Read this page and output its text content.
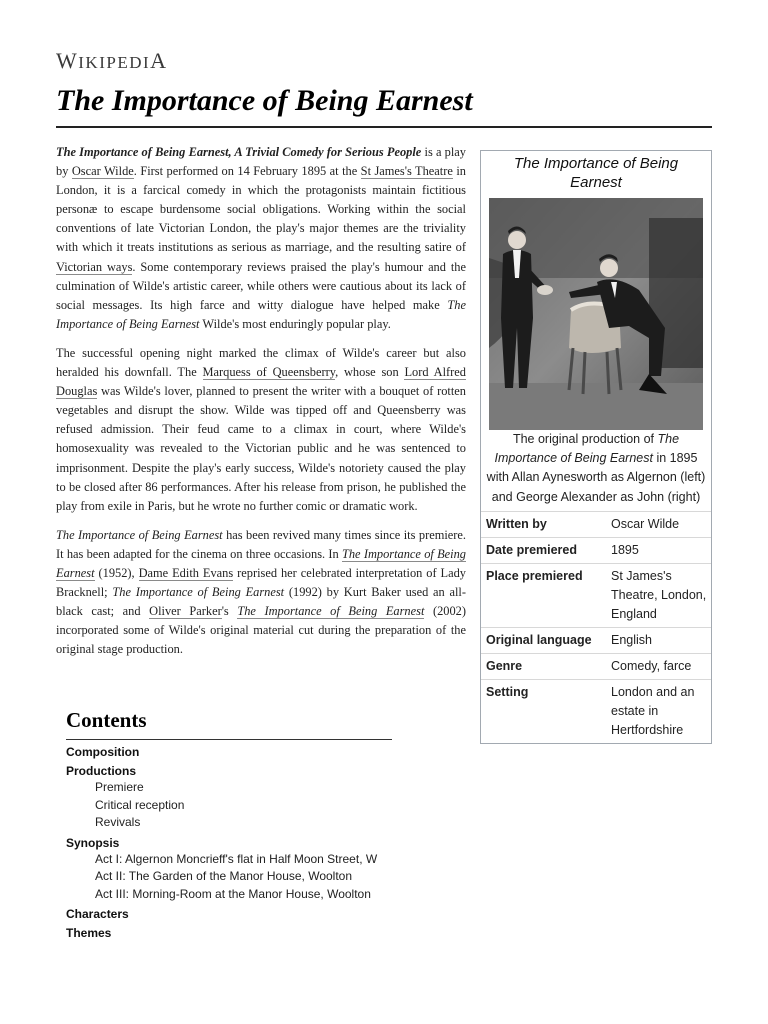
WIKIPEDIA
The Importance of Being Earnest

The Importance of Being Earnest, A Trivial Comedy for Serious People is a play by Oscar Wilde. First performed on 14 February 1895 at the St James's Theatre in London, it is a farcical comedy in which the protagonists maintain fictitious personæ to escape burdensome social obligations. Working within the social conventions of late Victorian London, the play's major themes are the triviality with which it treats institutions as serious as marriage, and the resulting satire of Victorian ways. Some contemporary reviews praised the play's humour and the culmination of Wilde's artistic career, while others were cautious about its lack of social messages. Its high farce and witty dialogue have helped make The Importance of Being Earnest Wilde's most enduringly popular play.

The successful opening night marked the climax of Wilde's career but also heralded his downfall. The Marquess of Queensberry, whose son Lord Alfred Douglas was Wilde's lover, planned to present the writer with a bouquet of rotten vegetables and disrupt the show. Wilde was tipped off and Queensberry was refused admission. Their feud came to a climax in court, where Wilde's homosexuality was revealed to the Victorian public and he was sentenced to imprisonment. Despite the play's early success, Wilde's notoriety caused the play to be closed after 86 performances. After his release from prison, he published the play from exile in Paris, but he wrote no further comic or dramatic work.

The Importance of Being Earnest has been revived many times since its premiere. It has been adapted for the cinema on three occasions. In The Importance of Being Earnest (1952), Dame Edith Evans reprised her celebrated interpretation of Lady Bracknell; The Importance of Being Earnest (1992) by Kurt Baker used an all-black cast; and Oliver Parker's The Importance of Being Earnest (2002) incorporated some of Wilde's original material cut during the preparation of the original stage production.

The Importance of Being Earnest
The original production of The Importance of Being Earnest in 1895 with Allan Aynesworth as Algernon (left) and George Alexander as John (right)
Written by	Oscar Wilde
Date premiered	1895
Place premiered	St James's Theatre, London, England
Original language	English
Genre	Comedy, farce
Setting	London and an estate in Hertfordshire
Contents
Composition
Productions
Premiere
Critical reception
Revivals
Synopsis
Act I: Algernon Moncrieff's flat in Half Moon Street, W
Act II: The Garden of the Manor House, Woolton
Act III: Morning-Room at the Manor House, Woolton
Characters
Themes
